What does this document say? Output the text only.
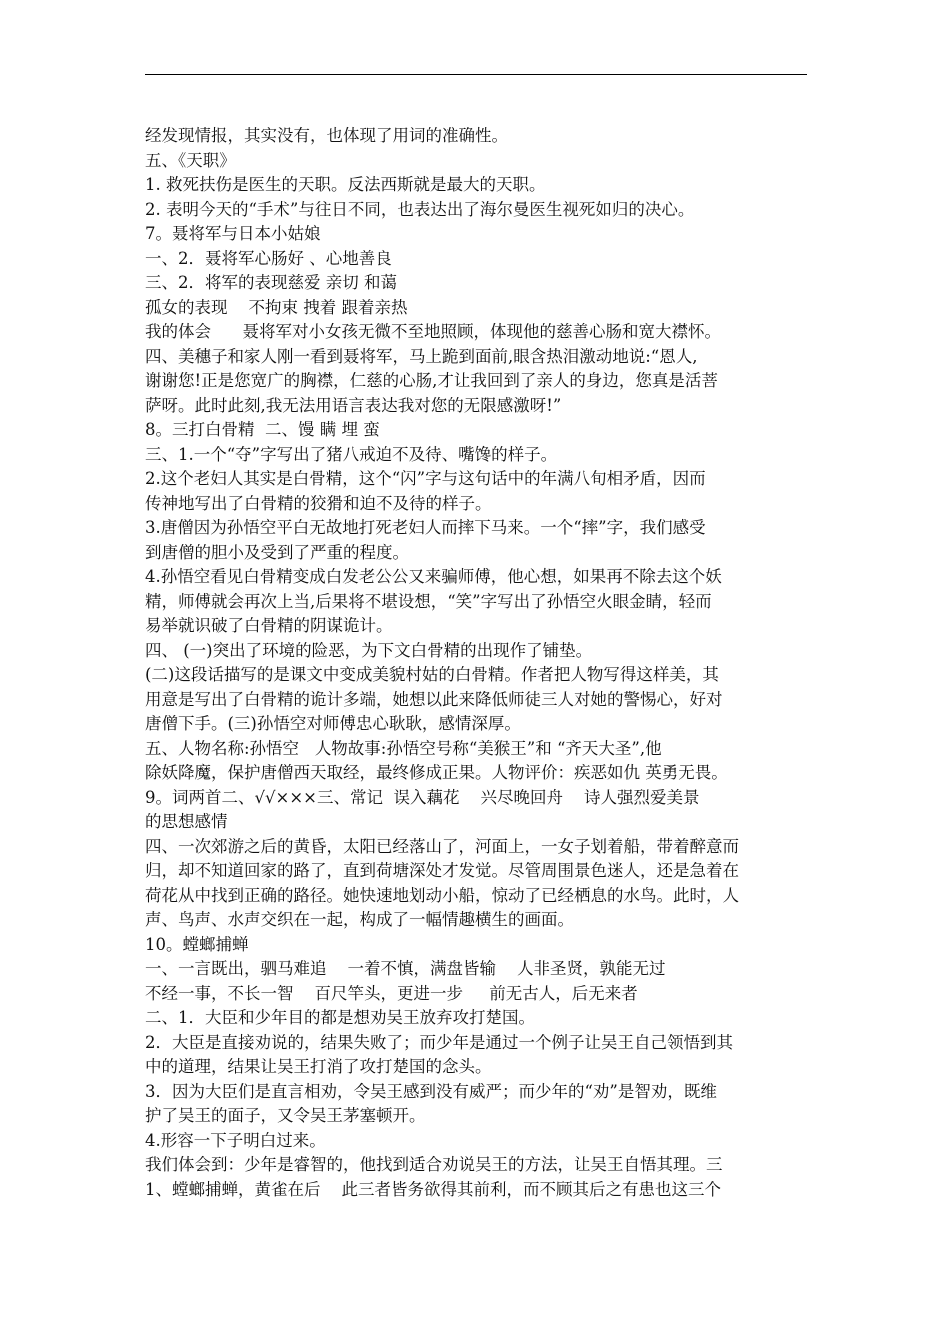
经发现情报，其实没有，也体现了用词的准确性。
五、《天职》
1. 救死扶伤是医生的天职。反法西斯就是最大的天职。
2. 表明今天的“手术”与往日不同，也表达出了海尔曼医生视死如归的决心。
7。聂将军与日本小姑娘
一、2．聂将军心肠好 、心地善良
三、2．将军的表现慈爱 亲切 和蔼
孤女的表现    不拘束 拽着 跟着亲热
我的体会      聂将军对小女孩无微不至地照顾，体现他的慈善心肠和宽大襟怀。
四、美穗子和家人刚一看到聂将军，马上跪到面前,眼含热泪激动地说:“恩人,
谢谢您!正是您宽广的胸襟，仁慈的心肠,才让我回到了亲人的身边，您真是活菩
萨呀。此时此刻,我无法用语言表达我对您的无限感激呀!”
8。三打白骨精  二、馒 瞒 埋 蛮
三、1.一个“夺”字写出了猪八戒迫不及待、嘴馋的样子。
2.这个老妇人其实是白骨精，这个“闪”字与这句话中的年满八旬相矛盾，因而
传神地写出了白骨精的狡猾和迫不及待的样子。
3.唐僧因为孙悟空平白无故地打死老妇人而摔下马来。一个“摔”字，我们感受
到唐僧的胆小及受到了严重的程度。
4.孙悟空看见白骨精变成白发老公公又来骗师傅，他心想，如果再不除去这个妖
精，师傅就会再次上当,后果将不堪设想，“笑”字写出了孙悟空火眼金睛，轻而
易举就识破了白骨精的阴谋诡计。
四、 (一)突出了环境的险恶，为下文白骨精的出现作了铺垫。
(二)这段话描写的是课文中变成美貌村姑的白骨精。作者把人物写得这样美，其
用意是写出了白骨精的诡计多端，她想以此来降低师徒三人对她的警惕心，好对
唐僧下手。(三)孙悟空对师傅忠心耿耿，感情深厚。
五、人物名称:孙悟空   人物故事:孙悟空号称“美猴王”和 “齐天大圣”,他
除妖降魔，保护唐僧西天取经，最终修成正果。人物评价：疾恶如仇 英勇无畏。
9。词两首二、√√×××三、常记  误入藕花    兴尽晚回舟    诗人强烈爱美景
的思想感情
四、一次郊游之后的黄昏，太阳已经落山了，河面上，一女子划着船，带着醉意而
归，却不知道回家的路了，直到荷塘深处才发觉。尽管周围景色迷人，还是急着在
荷花从中找到正确的路径。她快速地划动小船，惊动了已经栖息的水鸟。此时，人
声、鸟声、水声交织在一起，构成了一幅情趣横生的画面。
10。螳螂捕蝉
一、一言既出，驷马难追    一着不慎，满盘皆输    人非圣贤，孰能无过
不经一事，不长一智    百尺竿头，更进一步     前无古人，后无来者
二、1．大臣和少年目的都是想劝吴王放弃攻打楚国。
2．大臣是直接劝说的，结果失败了；而少年是通过一个例子让吴王自己领悟到其
中的道理，结果让吴王打消了攻打楚国的念头。
3．因为大臣们是直言相劝，令吴王感到没有威严；而少年的“劝”是智劝，既维
护了吴王的面子，又令吴王茅塞顿开。
4.形容一下子明白过来。
我们体会到：少年是睿智的，他找到适合劝说吴王的方法，让吴王自悟其理。三
1、螳螂捕蝉，黄雀在后    此三者皆务欲得其前利，而不顾其后之有患也这三个
